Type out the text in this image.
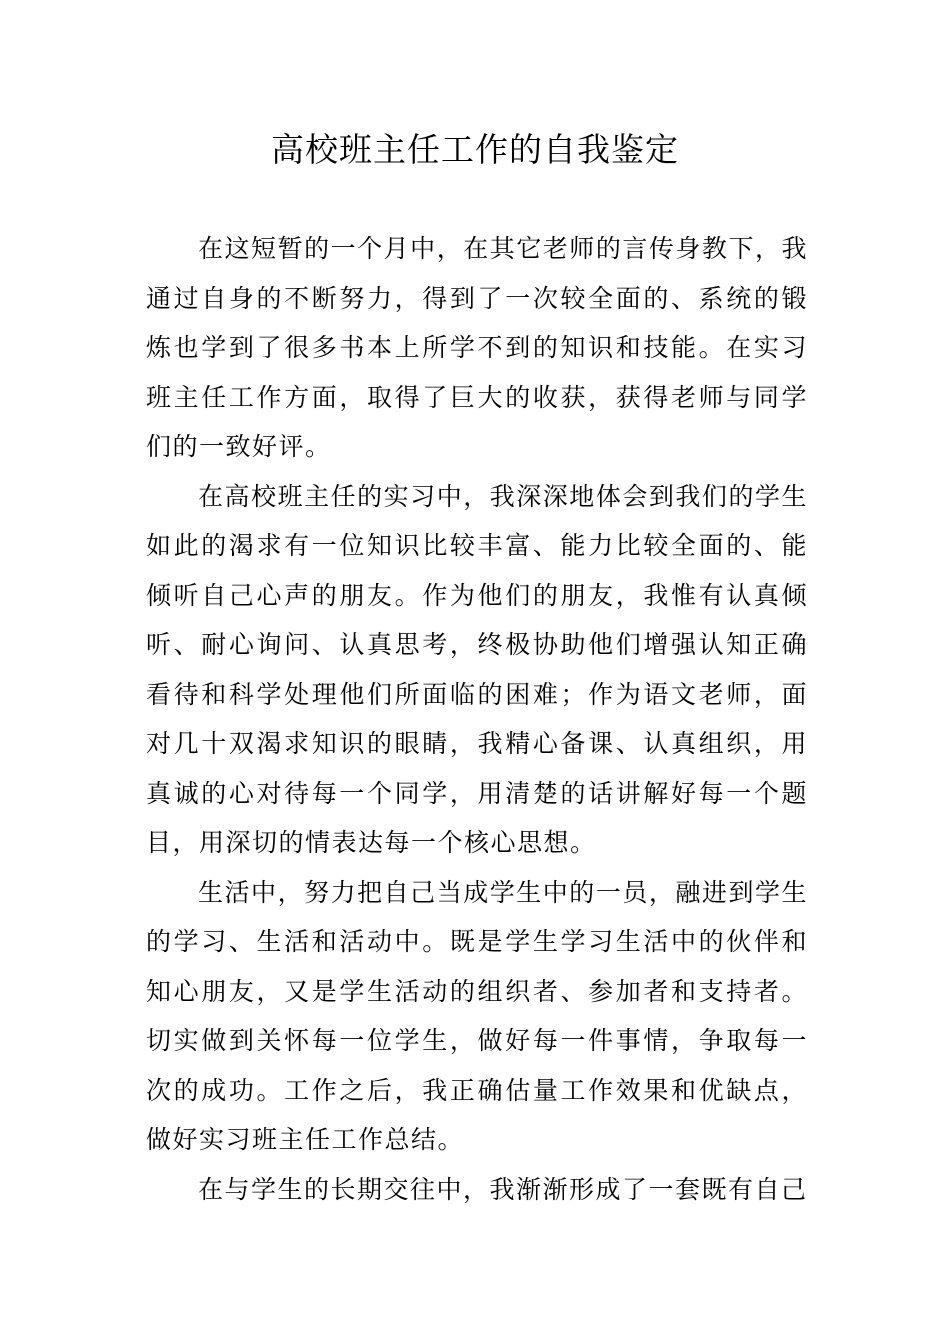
高校班主任工作的自我鉴定

在这短暂的一个月中，在其它老师的言传身教下，我通过自身的不断努力，得到了一次较全面的、系统的锻炼也学到了很多书本上所学不到的知识和技能。在实习班主任工作方面，取得了巨大的收获，获得老师与同学们的一致好评。

在高校班主任的实习中，我深深地体会到我们的学生如此的渴求有一位知识比较丰富、能力比较全面的、能倾听自己心声的朋友。作为他们的朋友，我惟有认真倾听、耐心询问、认真思考，终极协助他们增强认知正确看待和科学处理他们所面临的困难；作为语文老师，面对几十双渴求知识的眼睛，我精心备课、认真组织，用真诚的心对待每一个同学，用清楚的话讲解好每一个题目，用深切的情表达每一个核心思想。

生活中，努力把自己当成学生中的一员，融进到学生的学习、生活和活动中。既是学生学习生活中的伙伴和知心朋友，又是学生活动的组织者、参加者和支持者。切实做到关怀每一位学生，做好每一件事情，争取每一次的成功。工作之后，我正确估量工作效果和优缺点，做好实习班主任工作总结。

在与学生的长期交往中，我渐渐形成了一套既有自己
